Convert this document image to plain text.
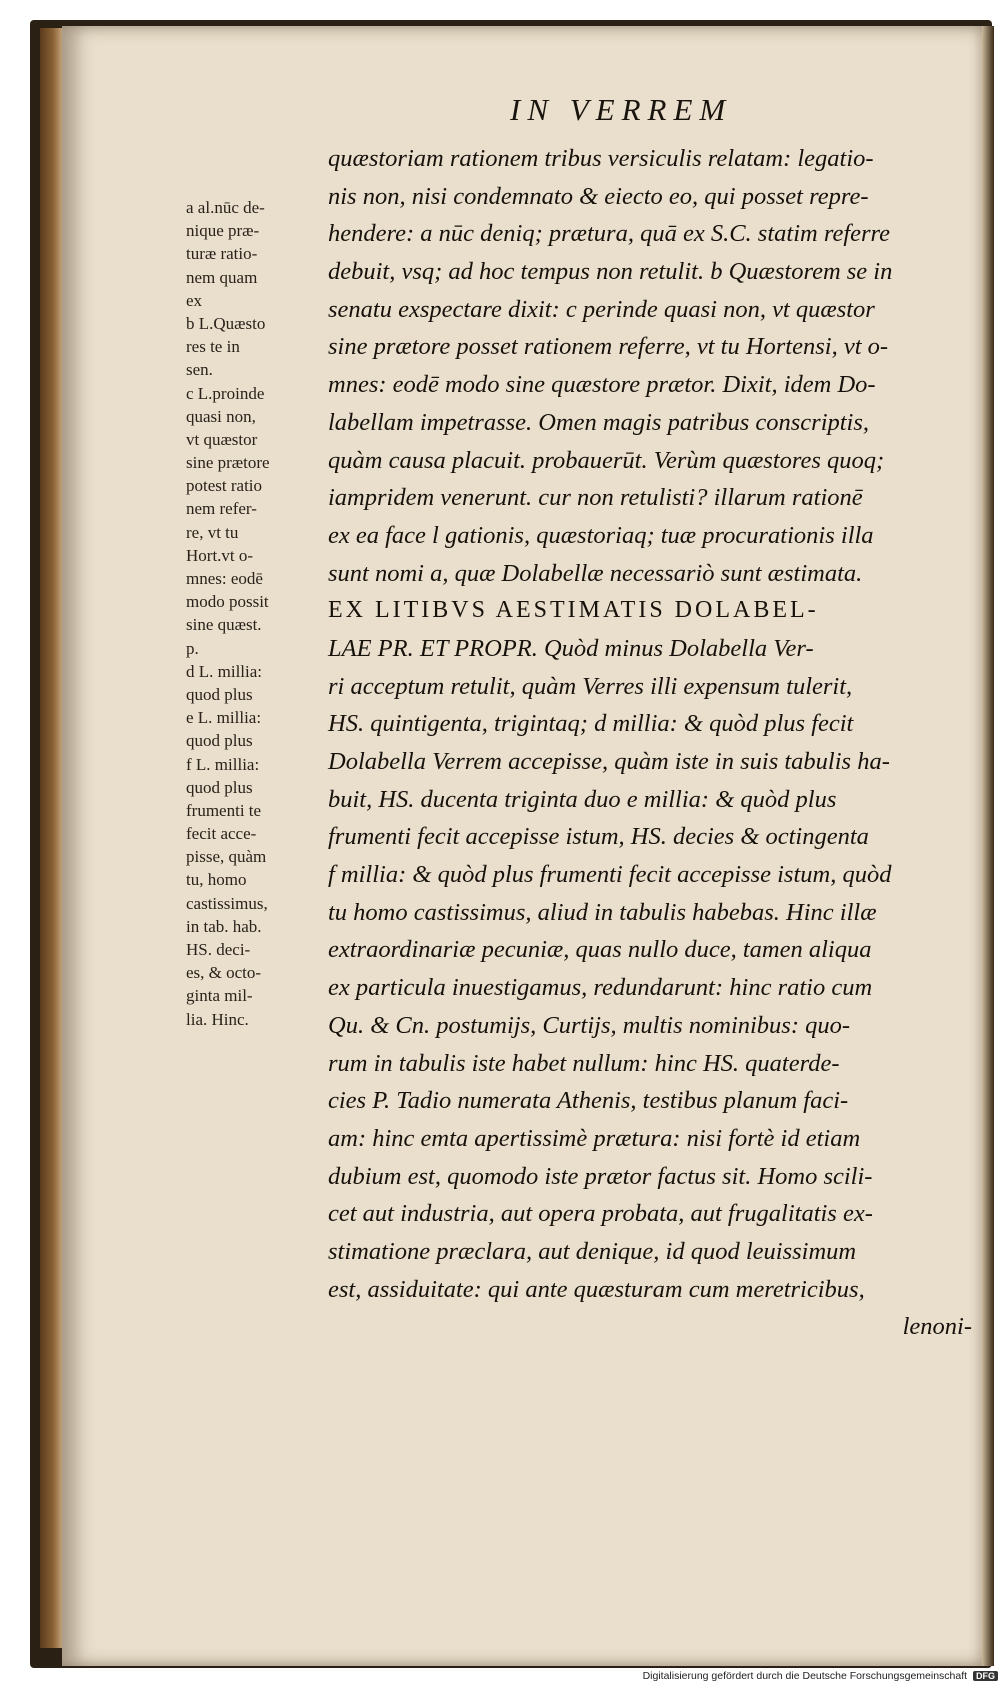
IN VERREM
a al.nūc de-
nique præ-
turæ ratio-
nem quam
ex
b L.Quæsto
res te in
sen.
c L.proinde
quasi non,
vt quæstor
sine prætore
potest ratio
nem refer-
re, vt tu
Hort.vt o-
mnes: eodē
modo possit
sine quæst.
p.
d L. millia:
quod plus
e L. millia:
quod plus
f L. millia:
quod plus
frumenti te
fecit acce-
pisse, quàm
tu, homo
castissimus,
in tab. hab.
HS. deci-
es, & octo-
ginta mil-
lia. Hinc.
quæstoriam rationem tribus versiculis relatam: legatio-
nis non, nisi condemnato & eiecto eo, qui posset repre-
hendere: a nūc deniq; prætura, quā ex S.C. statim referre
debuit, vsq; ad hoc tempus non retulit. b Quæstorem se in
senatu exspectare dixit: c perinde quasi non, vt quæstor
sine prætore posset rationem referre, vt tu Hortensi, vt o-
mnes: eodē modo sine quæstore prætor. Dixit, idem Do-
labellam impetrasse. Omen magis patribus conscriptis,
quàm causa placuit. probauerūt. Verùm quæstores quoq;
iampridem venerunt. cur non retulisti? illarum rationē
ex ea face l gationis, quæstoriaq; tuæ procurationis illa
sunt nomi a, quæ Dolabellæ necessariò sunt æstimata.
EX LITIBVS AESTIMATIS DOLABEL-
LAE PR. ET PROPR. Quòd minus Dolabella Ver-
ri acceptum retulit, quàm Verres illi expensum tulerit,
HS. quintigenta, trigintaq; d millia: & quòd plus fecit
Dolabella Verrem accepisse, quàm iste in suis tabulis ha-
buit, HS. ducenta triginta duo e millia: & quòd plus
frumenti fecit accepisse istum, HS. decies & octingenta
f millia: & quòd plus frumenti fecit accepisse istum, quòd
tu homo castissimus, aliud in tabulis habebas. Hinc illæ
extraordinariæ pecuniæ, quas nullo duce, tamen aliqua
ex particula inuestigamus, redundarunt: hinc ratio cum
Qu. & Cn. postumijs, Curtijs, multis nominibus: quo-
rum in tabulis iste habet nullum: hinc HS. quaterde-
cies P. Tadio numerata Athenis, testibus planum faci-
am: hinc emta apertissimè prætura: nisi fortè id etiam
dubium est, quomodo iste prætor factus sit. Homo scili-
cet aut industria, aut opera probata, aut frugalitatis ex-
stimatione præclara, aut denique, id quod leuissimum
est, assiduitate: qui ante quæsturam cum meretricibus,
lenoni-
Digitalisierung gefördert durch die Deutsche Forschungsgemeinschaft DFG
